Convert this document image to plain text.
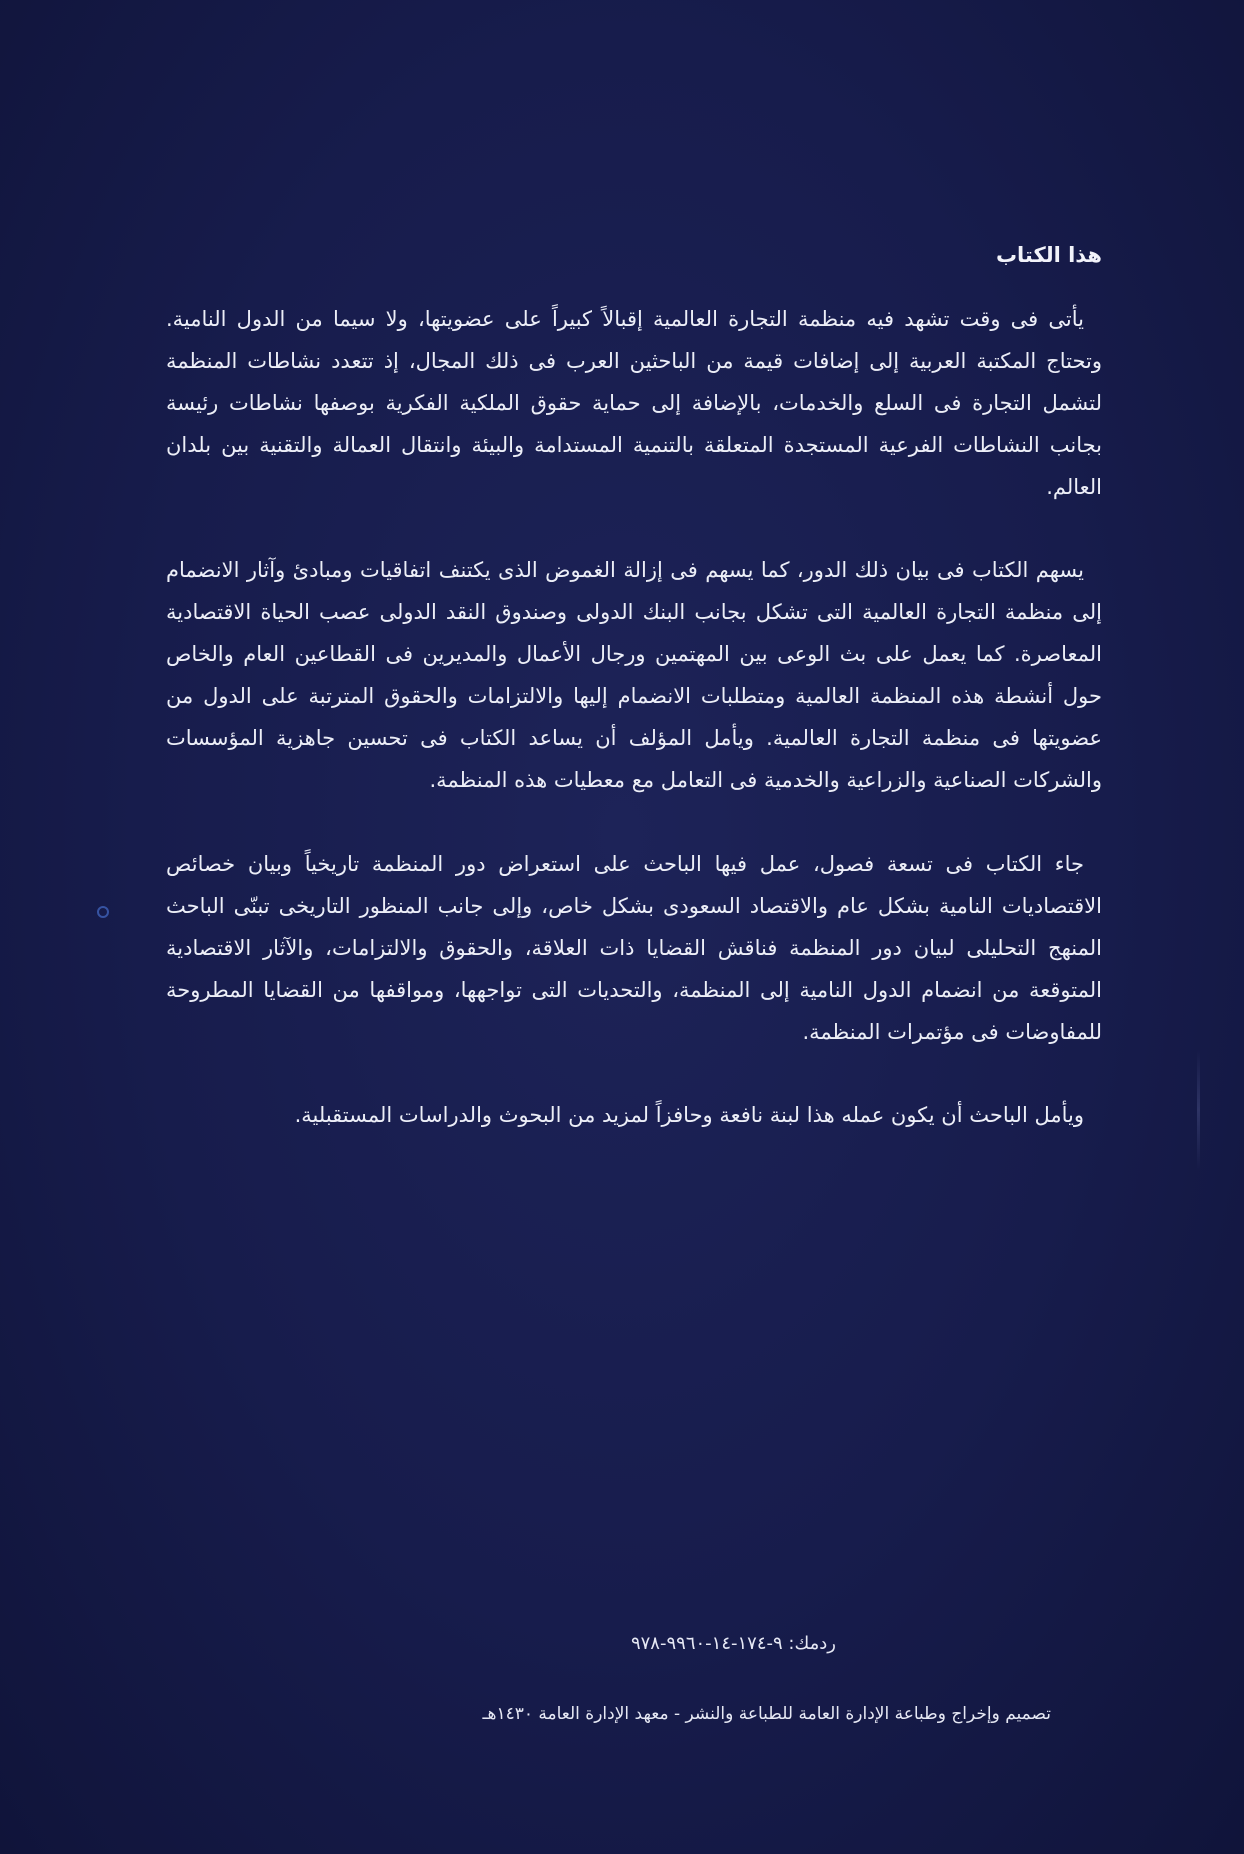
هذا الكتاب

يأتى فى وقت تشهد فيه منظمة التجارة العالمية إقبالاً كبيراً على عضويتها، ولا سيما من الدول النامية. وتحتاج المكتبة العربية إلى إضافات قيمة من الباحثين العرب فى ذلك المجال، إذ تتعدد نشاطات المنظمة لتشمل التجارة فى السلع والخدمات، بالإضافة إلى حماية حقوق الملكية الفكرية بوصفها نشاطات رئيسة بجانب النشاطات الفرعية المستجدة المتعلقة بالتنمية المستدامة والبيئة وانتقال العمالة والتقنية بين بلدان العالم.

يسهم الكتاب فى بيان ذلك الدور، كما يسهم فى إزالة الغموض الذى يكتنف اتفاقيات ومبادئ وآثار الانضمام إلى منظمة التجارة العالمية التى تشكل بجانب البنك الدولى وصندوق النقد الدولى عصب الحياة الاقتصادية المعاصرة. كما يعمل على بث الوعى بين المهتمين ورجال الأعمال والمديرين فى القطاعين العام والخاص حول أنشطة هذه المنظمة العالمية ومتطلبات الانضمام إليها والالتزامات والحقوق المترتبة على الدول من عضويتها فى منظمة التجارة العالمية. ويأمل المؤلف أن يساعد الكتاب فى تحسين جاهزية المؤسسات والشركات الصناعية والزراعية والخدمية فى التعامل مع معطيات هذه المنظمة.

جاء الكتاب فى تسعة فصول، عمل فيها الباحث على استعراض دور المنظمة تاريخياً وبيان خصائص الاقتصاديات النامية بشكل عام والاقتصاد السعودى بشكل خاص، وإلى جانب المنظور التاريخى تبنّى الباحث المنهج التحليلى لبيان دور المنظمة فناقش القضايا ذات العلاقة، والحقوق والالتزامات، والآثار الاقتصادية المتوقعة من انضمام الدول النامية إلى المنظمة، والتحديات التى تواجهها، ومواقفها من القضايا المطروحة للمفاوضات فى مؤتمرات المنظمة.

ويأمل الباحث أن يكون عمله هذا لبنة نافعة وحافزاً لمزيد من البحوث والدراسات المستقبلية.

ردمك: ٩-١٧٤-١٤-٩٩٦٠-٩٧٨
تصميم وإخراج وطباعة الإدارة العامة للطباعة والنشر - معهد الإدارة العامة ١٤٣٠هـ
